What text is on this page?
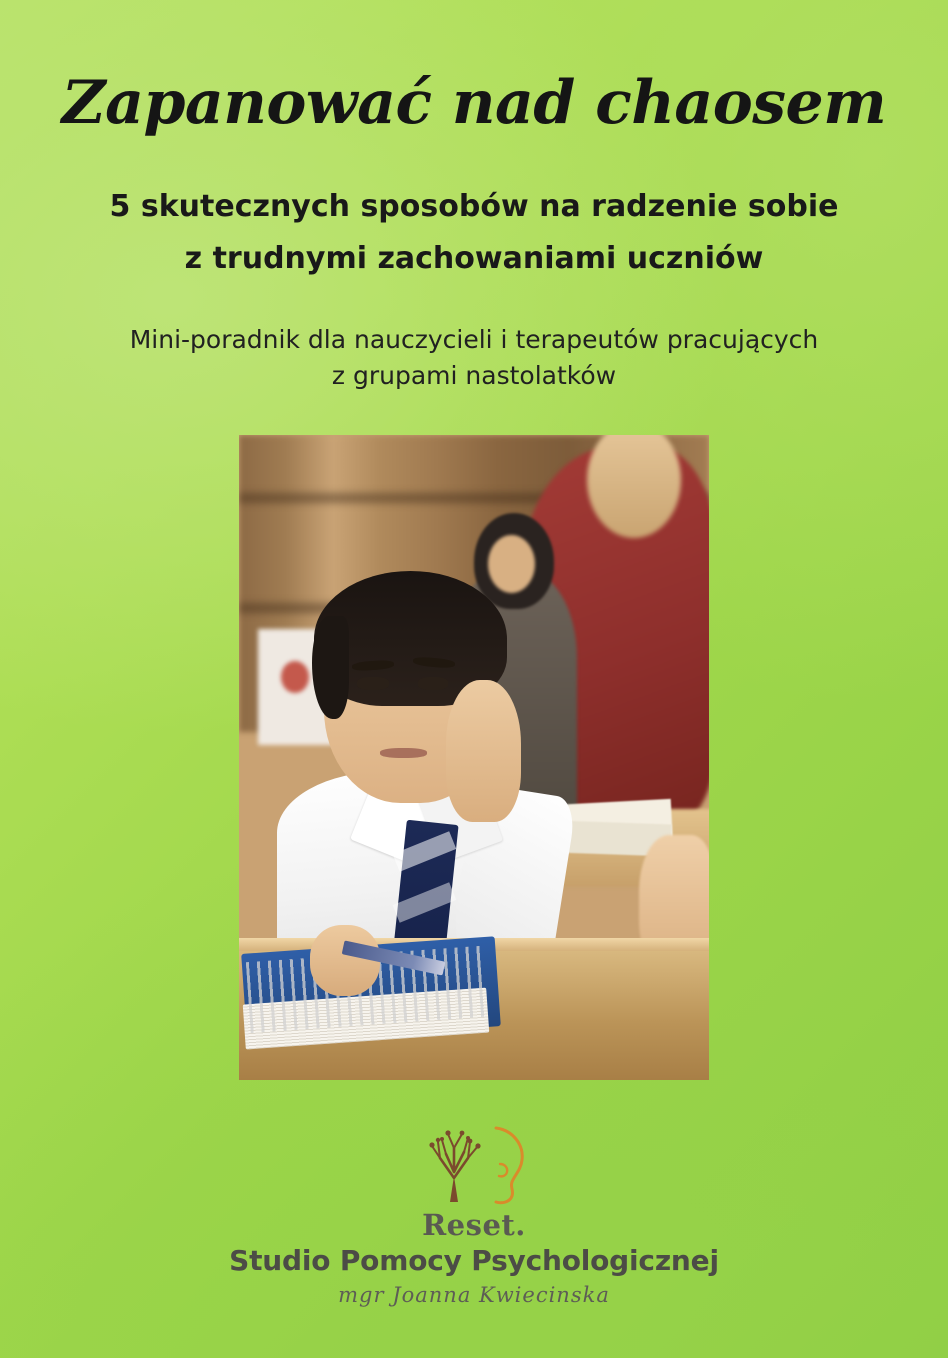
Zapanować nad chaosem
5 skutecznych sposobów na radzenie sobie
z trudnymi zachowaniami uczniów
Mini-poradnik dla nauczycieli i terapeutów pracujących
z grupami nastolatków
Reset.
Studio Pomocy Psychologicznej
mgr Joanna Kwiecinska
